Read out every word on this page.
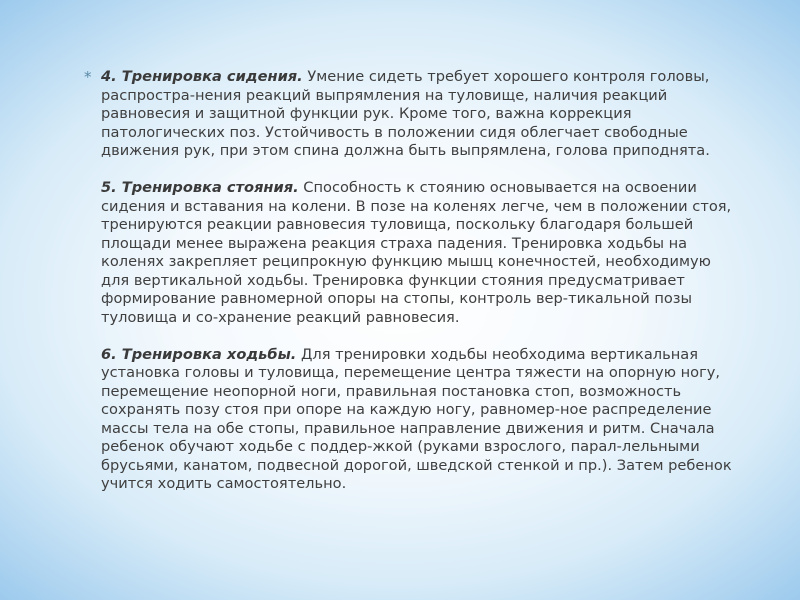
* 4. Тренировка сидения. Умение сидеть требует хорошего контроля головы, распростра-нения реакций выпрямления на туловище, наличия реакций равновесия и защитной функции рук. Кроме того, важна коррекция патологических поз. Устойчивость в положении сидя облегчает свободные движения рук, при этом спина должна быть выпрямлена, голова приподнята.

5. Тренировка стояния. Способность к стоянию основывается на освоении сидения и вставания на колени. В позе на коленях легче, чем в положении стоя, тренируются реакции равновесия туловища, поскольку благодаря большей площади менее выражена реакция страха падения. Тренировка ходьбы на коленях закрепляет реципрокную функцию мышц конечностей, необходимую для вертикальной ходьбы. Тренировка функции стояния предусматривает формирование равномерной опоры на стопы, контроль вер-тикальной позы туловища и со-хранение реакций равновесия.

6. Тренировка ходьбы. Для тренировки ходьбы необходима вертикальная установка головы и туловища, перемещение центра тяжести на опорную ногу, перемещение неопорной ноги, правильная постановка стоп, возможность сохранять позу стоя при опоре на каждую ногу, равномер-ное распределение массы тела на обе стопы, правильное направление движения и ритм. Сначала ребенок обучают ходьбе с поддер-жкой (руками взрослого, парал-лельными брусьями, канатом, подвесной дорогой, шведской стенкой и пр.). Затем ребенок учится ходить самостоятельно.
